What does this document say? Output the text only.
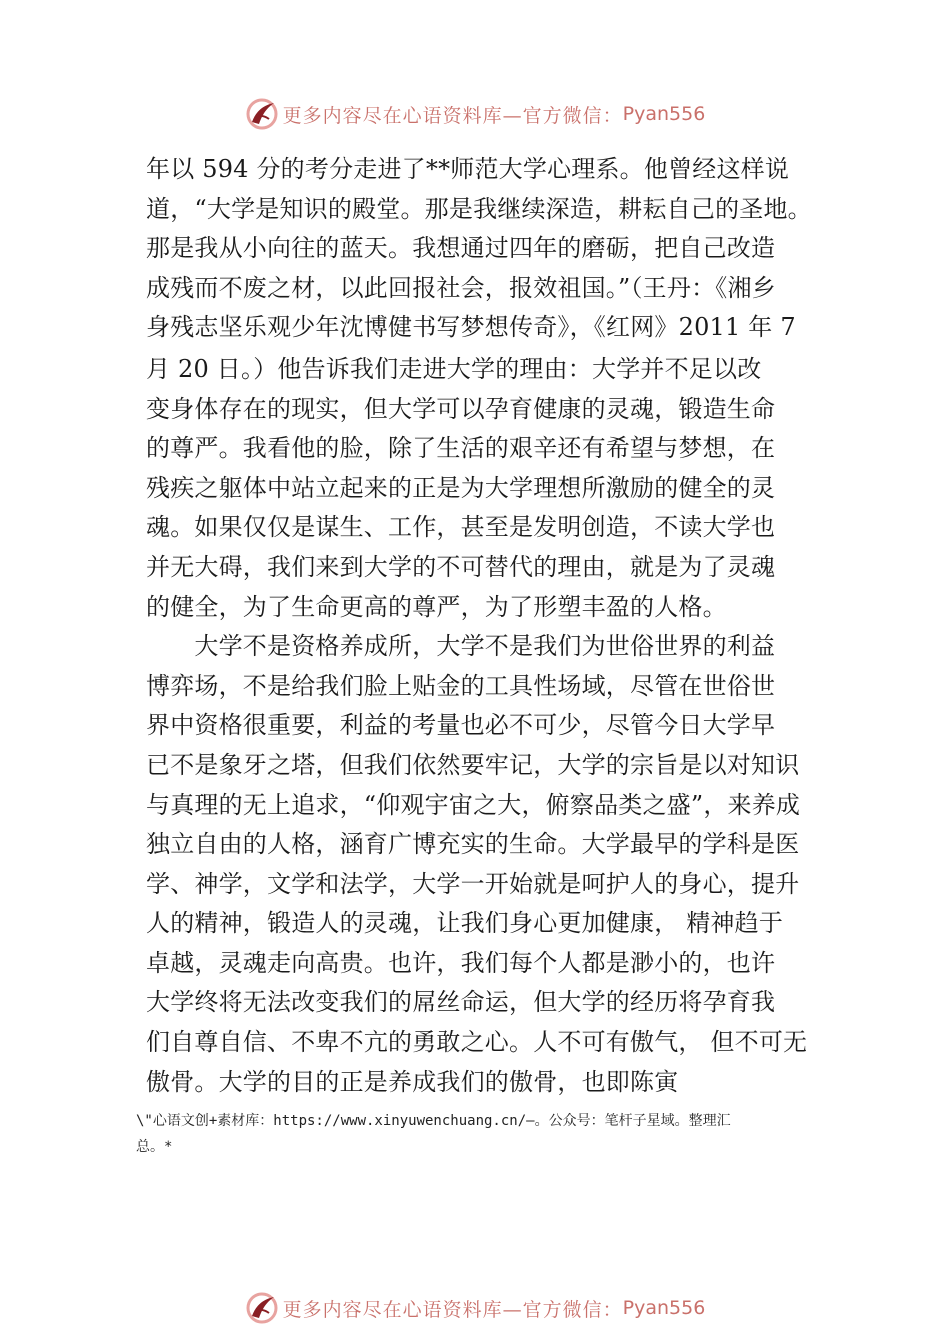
更多内容尽在心语资料库—官方微信： Pyan556
年以 594 分的考分走进了**师范大学心理系。他曾经这样说
道，“大学是知识的殿堂。那是我继续深造，耕耘自己的圣地。
那是我从小向往的蓝天。我想通过四年的磨砺，把自己改造
成残而不废之材，以此回报社会，报效祖国。”（王丹：《湘乡
身残志坚乐观少年沈博健书写梦想传奇》，《红网》2011 年 7
月 20 日。）他告诉我们走进大学的理由：大学并不足以改
变身体存在的现实，但大学可以孕育健康的灵魂，锻造生命
的尊严。我看他的脸，除了生活的艰辛还有希望与梦想，在
残疾之躯体中站立起来的正是为大学理想所激励的健全的灵
魂。如果仅仅是谋生、工作，甚至是发明创造，不读大学也
并无大碍，我们来到大学的不可替代的理由，就是为了灵魂
的健全，为了生命更高的尊严，为了形塑丰盈的人格。
　　大学不是资格养成所，大学不是我们为世俗世界的利益
博弈场，不是给我们脸上贴金的工具性场域，尽管在世俗世
界中资格很重要，利益的考量也必不可少，尽管今日大学早
已不是象牙之塔，但我们依然要牢记，大学的宗旨是以对知识
与真理的无上追求，“仰观宇宙之大，俯察品类之盛”，来养成
独立自由的人格，涵育广博充实的生命。大学最早的学科是医
学、神学，文学和法学，大学一开始就是呵护人的身心，提升
人的精神，锻造人的灵魂，让我们身心更加健康， 精神趋于
卓越，灵魂走向高贵。也许，我们每个人都是渺小的，也许
大学终将无法改变我们的屌丝命运，但大学的经历将孕育我
们自尊自信、不卑不亢的勇敢之心。人不可有傲气， 但不可无
傲骨。大学的目的正是养成我们的傲骨，也即陈寅
\"心语文创+素材库：https://www.xinyuwenchuang.cn/—。公众号：笔杆子星域。整理汇
总。*
更多内容尽在心语资料库—官方微信： Pyan556
